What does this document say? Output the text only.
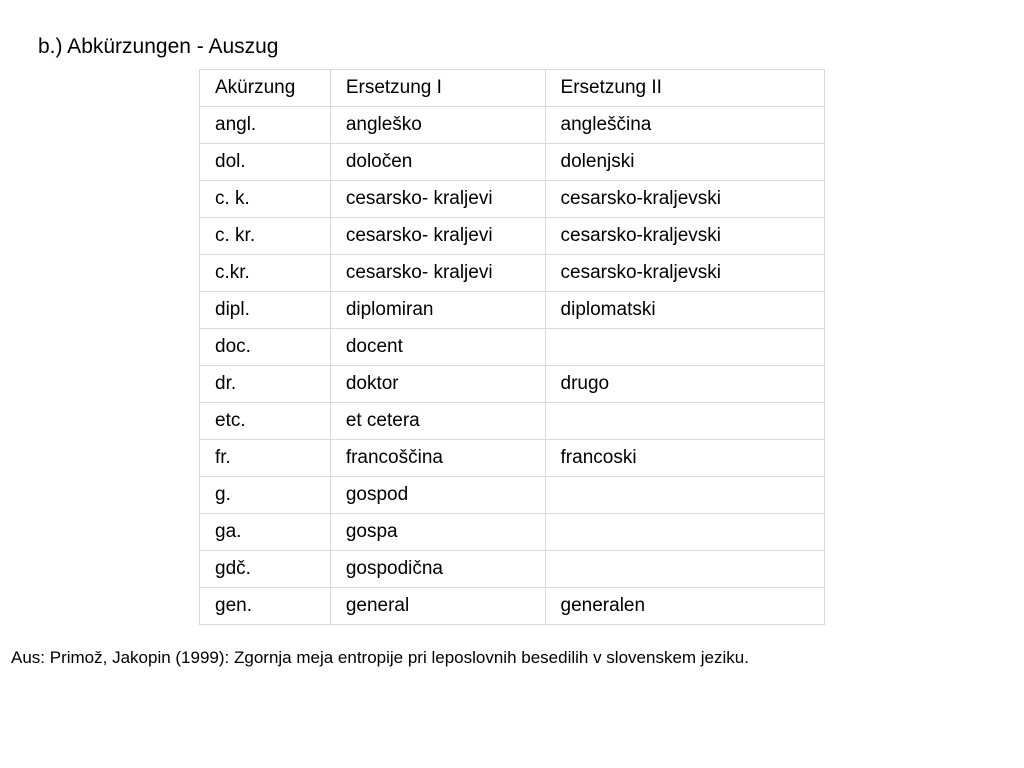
b.) Abkürzungen - Auszug
Akürzung	Ersetzung I	Ersetzung II
angl.	angleško	angleščina
dol.	določen	dolenjski
c. k.	cesarsko- kraljevi	cesarsko-kraljevski
c. kr.	cesarsko- kraljevi	cesarsko-kraljevski
c.kr.	cesarsko- kraljevi	cesarsko-kraljevski
dipl.	diplomiran	diplomatski
doc.	docent	
dr.	doktor	drugo
etc.	et cetera	
fr.	francoščina	francoski
g.	gospod	
ga.	gospa	
gdč.	gospodična	
gen.	general	generalen
Aus: Primož, Jakopin (1999): Zgornja meja entropije pri leposlovnih besedilih v slovenskem jeziku.
